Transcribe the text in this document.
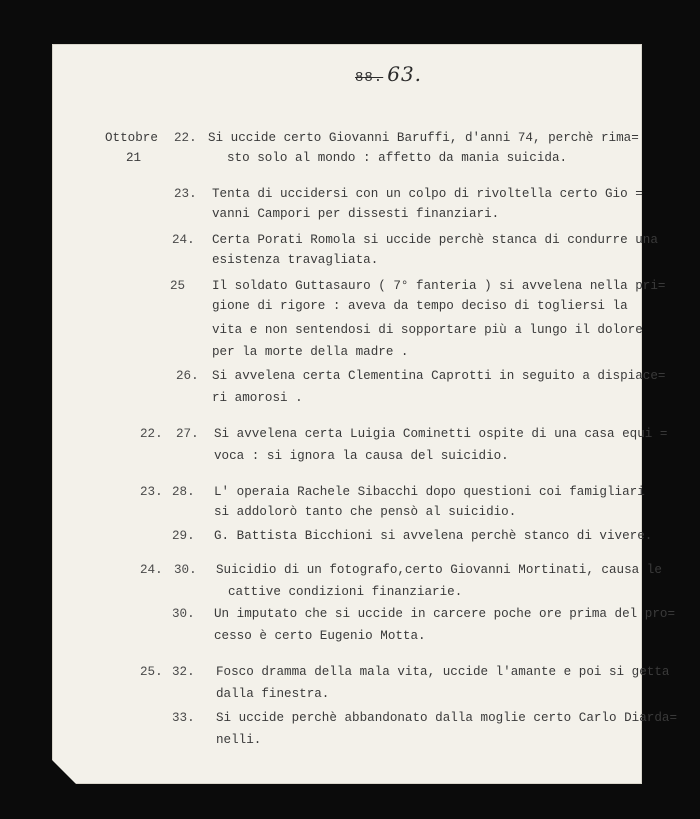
88. 63.
Ottobre
21
22. Si uccide certo Giovanni Baruffi, d'anni 74, perchè rima=
sto solo al mondo : affetto da mania suicida.
23. Tenta di uccidersi con un colpo di rivoltella certo Gio =
vanni Campori per dissesti finanziari.
24. Certa Porati Romola si uccide perchè stanca di condurre una
esistenza travagliata.
25 Il soldato Guttasauro ( 7° fanteria ) si avvelena nella pri=
gione di rigore : aveva da tempo deciso di togliersi la
vita e non sentendosi di sopportare più a lungo il dolore
per la morte della madre .
26. Si avvelena certa Clementina Caprotti in seguito a dispiace=
ri amorosi .
22. 27. Si avvelena certa Luigia Cominetti ospite di una casa equi =
voca : si ignora la causa del suicidio.
23. 28. L' operaia Rachele Sibacchi dopo questioni coi famigliari
si addolorò tanto che pensò al suicidio.
29. G. Battista Bicchioni si avvelena perchè stanco di vivere.
24. 30. Suicidio di un fotografo,certo Giovanni Mortinati, causa le
cattive condizioni finanziarie.
30. Un imputato che si uccide in carcere poche ore prima del pro=
cesso è certo Eugenio Motta.
25. 32. Fosco dramma della mala vita, uccide l'amante e poi si getta
dalla finestra.
33. Si uccide perchè abbandonato dalla moglie certo Carlo Diarda=
nelli.
